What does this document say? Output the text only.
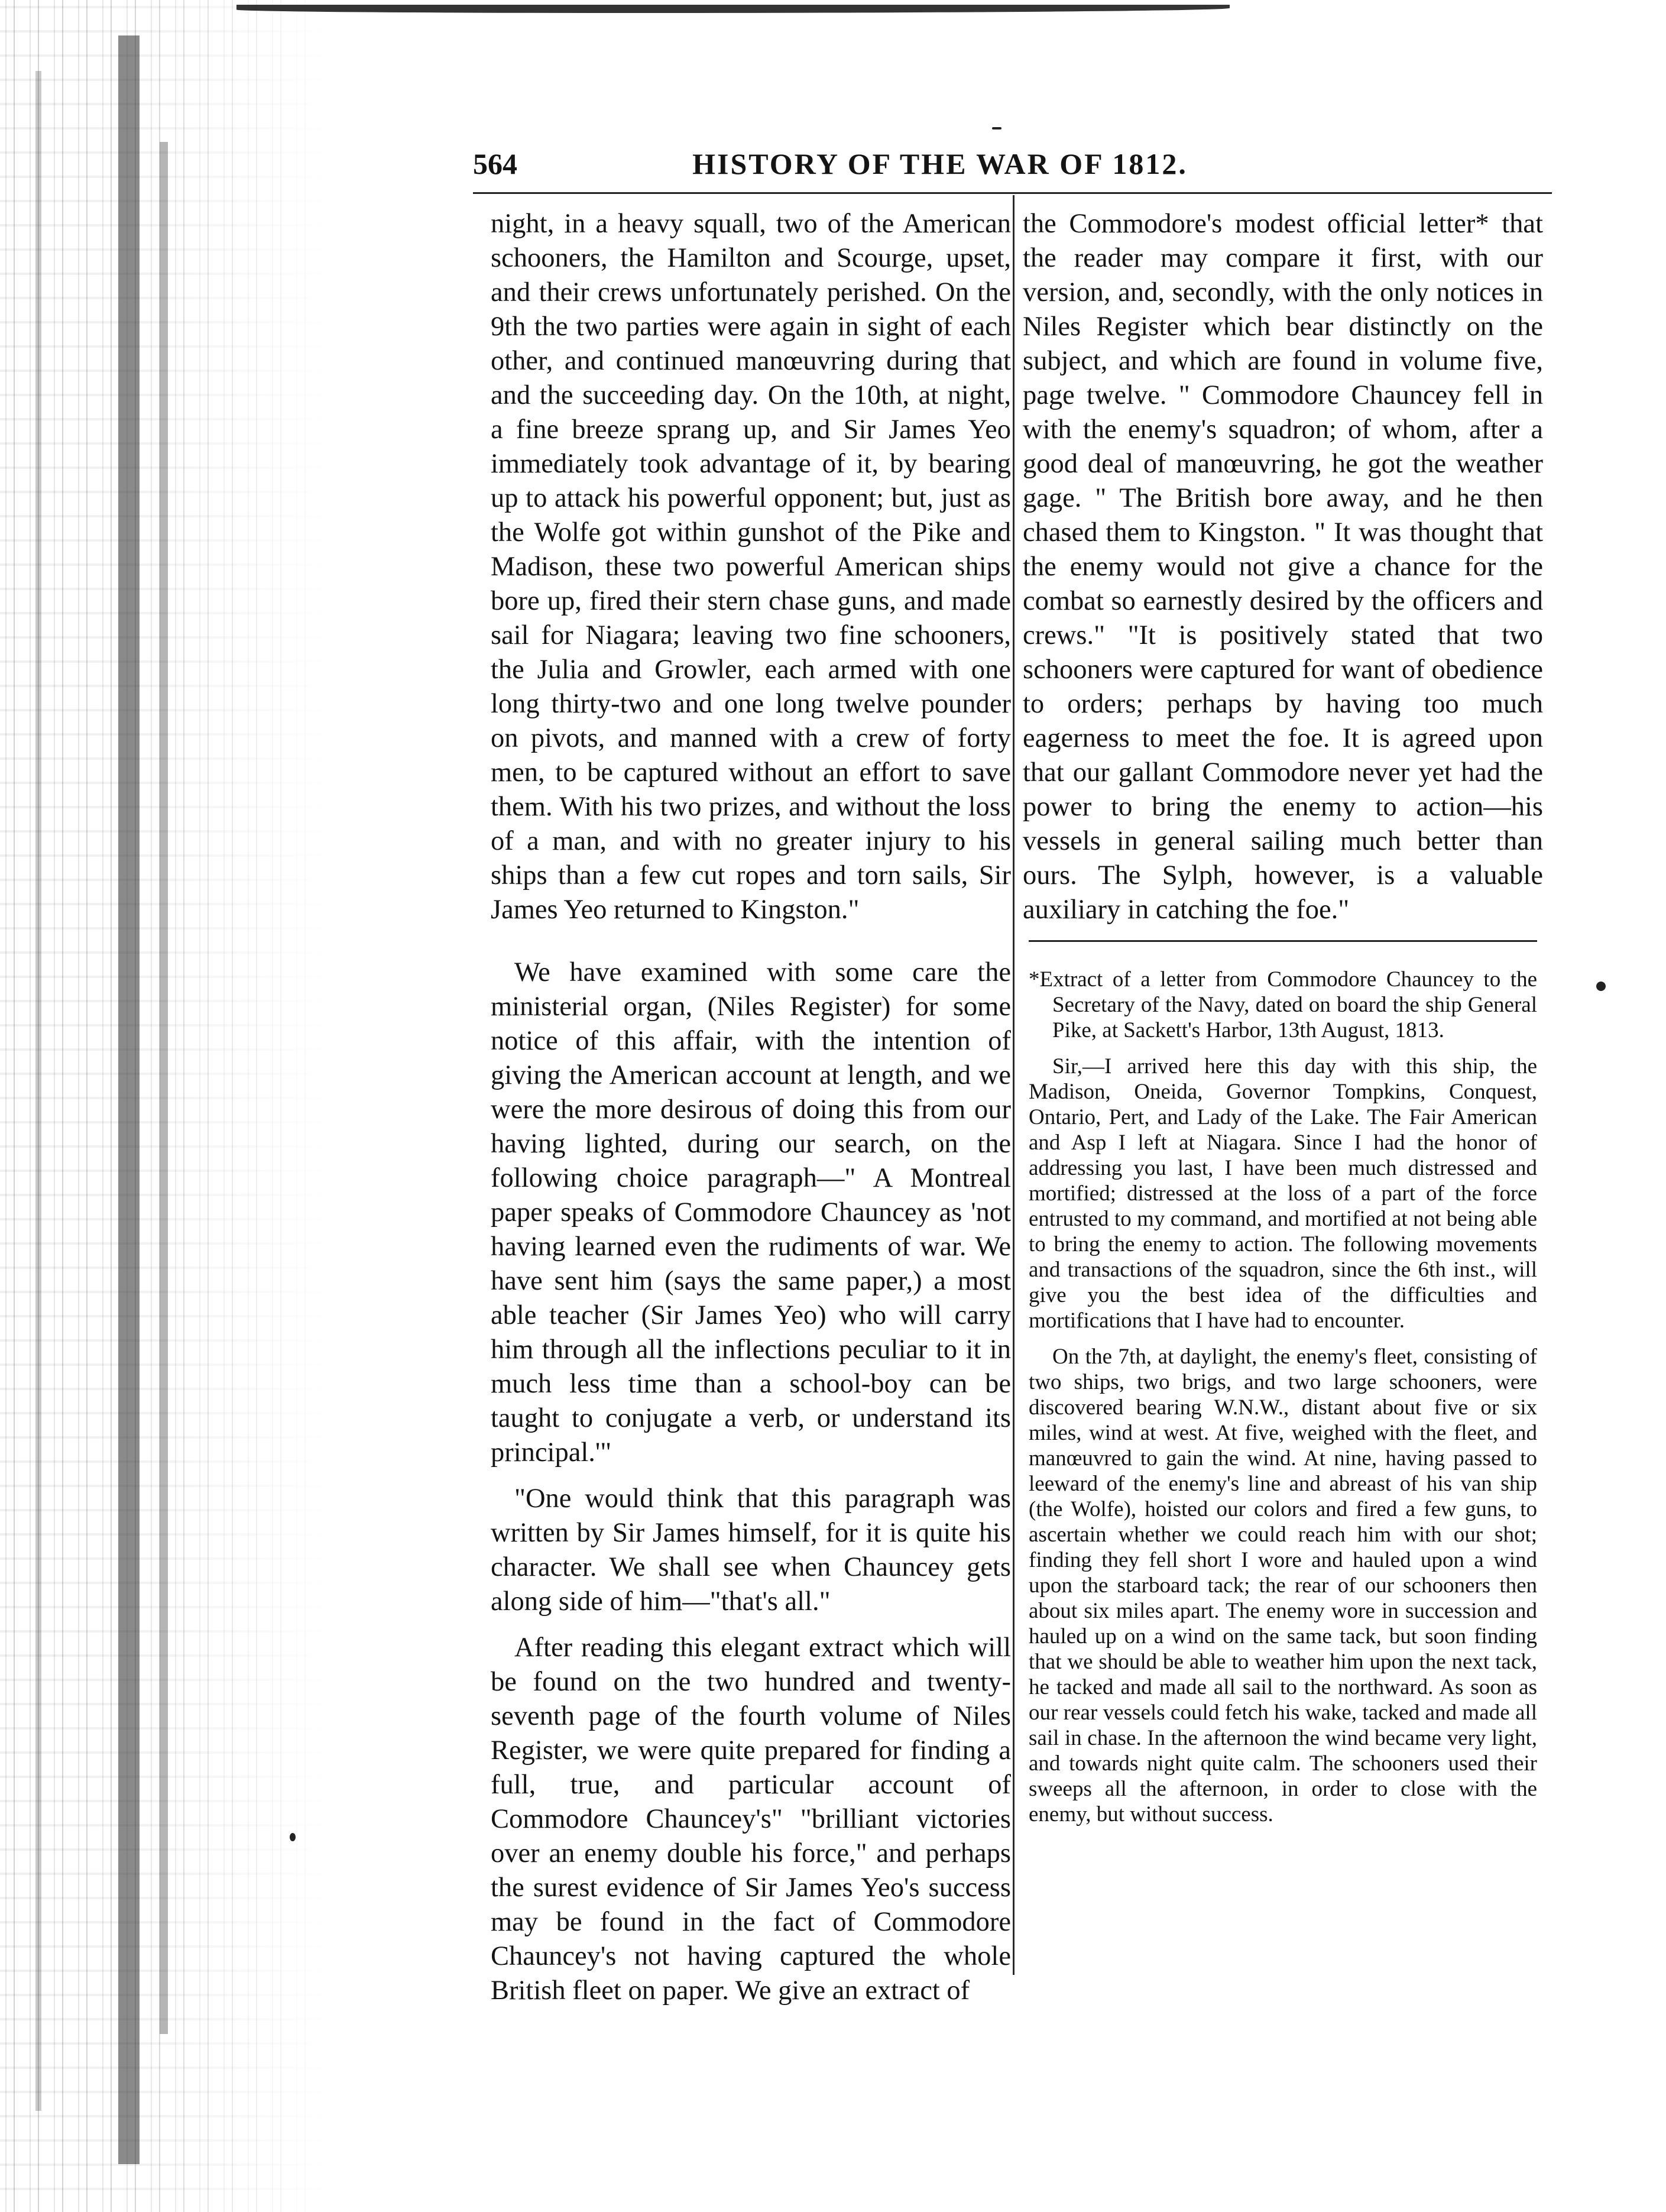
564	HISTORY OF THE WAR OF 1812.

night, in a heavy squall, two of the American schooners, the Hamilton and Scourge, upset, and their crews unfortunately perished. On the 9th the two parties were again in sight of each other, and continued manœuvring during that and the succeeding day. On the 10th, at night, a fine breeze sprang up, and Sir James Yeo immediately took advantage of it, by bearing up to attack his powerful opponent; but, just as the Wolfe got within gunshot of the Pike and Madison, these two powerful American ships bore up, fired their stern chase guns, and made sail for Niagara; leaving two fine schooners, the Julia and Growler, each armed with one long thirty-two and one long twelve pounder on pivots, and manned with a crew of forty men, to be captured without an effort to save them. With his two prizes, and without the loss of a man, and with no greater injury to his ships than a few cut ropes and torn sails, Sir James Yeo returned to Kingston."

We have examined with some care the ministerial organ, (Niles Register) for some notice of this affair, with the intention of giving the American account at length, and we were the more desirous of doing this from our having lighted, during our search, on the following choice paragraph—" A Montreal paper speaks of Commodore Chauncey as 'not having learned even the rudiments of war. We have sent him (says the same paper,) a most able teacher (Sir James Yeo) who will carry him through all the inflections peculiar to it in much less time than a school-boy can be taught to conjugate a verb, or understand its principal.'"

"One would think that this paragraph was written by Sir James himself, for it is quite his character. We shall see when Chauncey gets along side of him—"that's all."

After reading this elegant extract which will be found on the two hundred and twenty-seventh page of the fourth volume of Niles Register, we were quite prepared for finding a full, true, and particular account of Commodore Chauncey's" "brilliant victories over an enemy double his force," and perhaps the surest evidence of Sir James Yeo's success may be found in the fact of Commodore Chauncey's not having captured the whole British fleet on paper. We give an extract of

the Commodore's modest official letter* that the reader may compare it first, with our version, and, secondly, with the only notices in Niles Register which bear distinctly on the subject, and which are found in volume five, page twelve. " Commodore Chauncey fell in with the enemy's squadron; of whom, after a good deal of manœuvring, he got the weather gage. " The British bore away, and he then chased them to Kingston. " It was thought that the enemy would not give a chance for the combat so earnestly desired by the officers and crews." "It is positively stated that two schooners were captured for want of obedience to orders; perhaps by having too much eagerness to meet the foe. It is agreed upon that our gallant Commodore never yet had the power to bring the enemy to action—his vessels in general sailing much better than ours. The Sylph, however, is a valuable auxiliary in catching the foe."

*Extract of a letter from Commodore Chauncey to the Secretary of the Navy, dated on board the ship General Pike, at Sackett's Harbor, 13th August, 1813.

Sir,—I arrived here this day with this ship, the Madison, Oneida, Governor Tompkins, Conquest, Ontario, Pert, and Lady of the Lake. The Fair American and Asp I left at Niagara. Since I had the honor of addressing you last, I have been much distressed and mortified; distressed at the loss of a part of the force entrusted to my command, and mortified at not being able to bring the enemy to action. The following movements and transactions of the squadron, since the 6th inst., will give you the best idea of the difficulties and mortifications that I have had to encounter.

On the 7th, at daylight, the enemy's fleet, consisting of two ships, two brigs, and two large schooners, were discovered bearing W.N.W., distant about five or six miles, wind at west. At five, weighed with the fleet, and manœuvred to gain the wind. At nine, having passed to leeward of the enemy's line and abreast of his van ship (the Wolfe), hoisted our colors and fired a few guns, to ascertain whether we could reach him with our shot; finding they fell short I wore and hauled upon a wind upon the starboard tack; the rear of our schooners then about six miles apart. The enemy wore in succession and hauled up on a wind on the same tack, but soon finding that we should be able to weather him upon the next tack, he tacked and made all sail to the northward. As soon as our rear vessels could fetch his wake, tacked and made all sail in chase. In the afternoon the wind became very light, and towards night quite calm. The schooners used their sweeps all the afternoon, in order to close with the enemy, but without success.
